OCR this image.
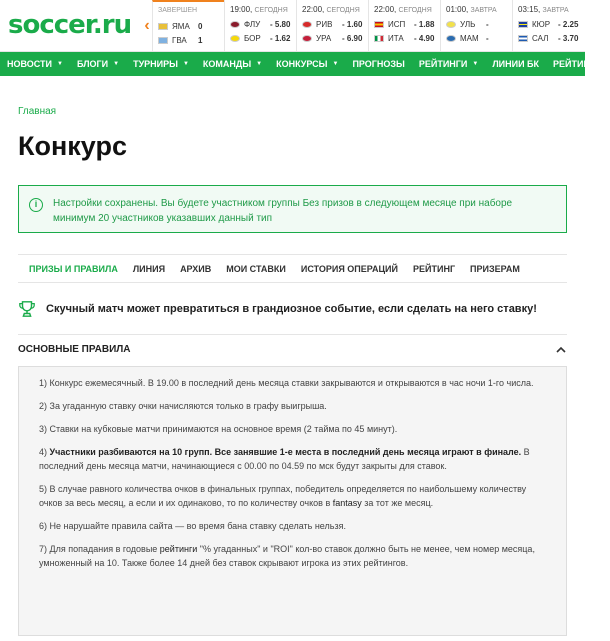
soccer.ru ‹
ЗАВЕРШЕН
ЯМА	0
ГВА	1
19:00, СЕГОДНЯ
ФЛУ	- 5.80
БОР	- 1.62
22:00, СЕГОДНЯ
РИВ	- 1.60
УРА	- 6.90
22:00, СЕГОДНЯ
ИСП	- 1.88
ИТА	- 4.90
01:00, ЗАВТРА
УЛЬ	-
МАМ -
03:15, ЗАВТРА
КЮР - 2.25
САЛ	- 3.70
НОВОСТИ ▼ БЛОГИ ▼ ТУРНИРЫ ▼ КОМАНДЫ ▼ КОНКУРСЫ ▼ ПРОГНОЗЫ РЕЙТИНГИ ▼ ЛИНИИ БК РЕЙТИНГ БК
Главная
Конкурс
i	Настройки сохранены. Вы будете участником группы Без призов в следующем месяце при наборе минимум 20 участников указавших данный тип
ПРИЗЫ И ПРАВИЛА ЛИНИЯ АРХИВ МОИ СТАВКИ ИСТОРИЯ ОПЕРАЦИЙ РЕЙТИНГ ПРИЗЕРАМ
Скучный матч может превратиться в грандиозное событие, если сделать на него ставку!
ОСНОВНЫЕ ПРАВИЛА

1) Конкурс ежемесячный. В 19.00 в последний день месяца ставки закрываются и открываются в час ночи 1-го числа.

2) За угаданную ставку очки начисляются только в графу выигрыша.

3) Ставки на кубковые матчи принимаются на основное время (2 тайма по 45 минут).

4) Участники разбиваются на 10 групп. Все занявшие 1-е места в последний день месяца играют в финале. В последний день месяца матчи, начинающиеся с 00.00 по 04.59 по мск будут закрыты для ставок.

5) В случае равного количества очков в финальных группах, победитель определяется по наибольшему количеству очков за весь месяц, а если и их одинаково, то по количеству очков в fantasy за тот же месяц.

6) Не нарушайте правила сайта — во время бана ставку сделать нельзя.

7) Для попадания в годовые рейтинги "% угаданных" и "ROI" кол-во ставок должно быть не менее, чем номер месяца, умноженный на 10. Также более 14 дней без ставок скрывают игрока из этих рейтингов.
